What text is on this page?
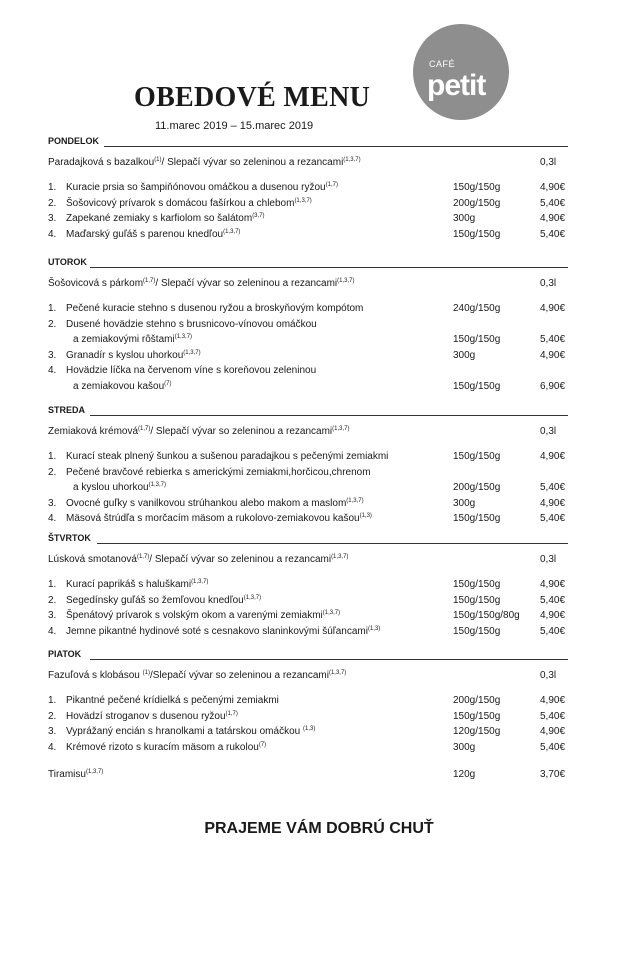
CAFÉ
petit
OBEDOVÉ MENU
11.marec 2019 – 15.marec 2019
PONDELOK
Paradajková s bazalkou$^{(1)}$/ Slepačí vývar so zeleninou a rezancami$^{(1,3,7)}$	0,3l
1. Kuracie prsia so šampiňónovou omáčkou a dusenou ryžou$^{(1,7)}$	150g/150g	4,90€
2. Šošovicový prívarok s domácou fašírkou a chlebom$^{(1,3,7)}$	200g/150g	5,40€
3. Zapekané zemiaky s karfiolom so šalátom$^{(3,7)}$	300g	4,90€
4. Maďarský guľáš s parenou knedľou$^{(1,3,7)}$	150g/150g	5,40€
UTOROK
Šošovicová s párkom$^{(1,7)}$/ Slepačí vývar so zeleninou a rezancami$^{(1,3,7)}$	0,3l
1. Pečené kuracie stehno s dusenou ryžou a broskyňovým kompótom	240g/150g	4,90€
2. Dusené hovädzie stehno s brusnicovo-vínovou omáčkou
a zemiakovými rôštami$^{(1,3,7)}$	150g/150g	5,40€
3. Granadír s kyslou uhorkou$^{(1,3,7)}$	300g	4,90€
4. Hovädzie líčka na červenom víne s koreňovou zeleninou
a zemiakovou kašou$^{(7)}$	150g/150g	6,90€
STREDA
Zemiaková krémová$^{(1,7)}$/ Slepačí vývar so zeleninou a rezancami$^{(1,3,7)}$	0,3l
1. Kurací steak plnený šunkou a sušenou paradajkou s pečenými zemiakmi	150g/150g	4,90€
2. Pečené bravčové rebierka s americkými zemiakmi,horčicou,chrenom
a kyslou uhorkou$^{(1,3,7)}$	200g/150g	5,40€
3. Ovocné guľky s vanilkovou strúhankou alebo makom a maslom$^{(1,3,7)}$	300g	4,90€
4. Mäsová štrúdľa s morčacím mäsom a rukolovo-zemiakovou kašou$^{(1,3)}$	150g/150g	5,40€
ŠTVRTOK
Lúsková smotanová$^{(1,7)}$/ Slepačí vývar so zeleninou a rezancami$^{(1,3,7)}$	0,3l
1. Kurací paprikáš s haluškami$^{(1,3,7)}$	150g/150g	4,90€
2. Segedínsky guľáš so žemľovou knedľou$^{(1,3,7)}$	150g/150g	5,40€
3. Špenátový prívarok s volským okom a varenými zemiakmi$^{(1,3,7)}$	150g/150g/80g 4,90€
4. Jemne pikantné hydinové soté s cesnakovo slaninkovými šúľancami$^{(1,3)}$	150g/150g	5,40€
PIATOK
Fazuľová s klobásou $^{(1)}$/Slepačí vývar so zeleninou a rezancami$^{(1,3,7)}$	0,3l
1. Pikantné pečené krídielká s pečenými zemiakmi	200g/150g	4,90€
2. Hovädzí stroganov s dusenou ryžou$^{(1,7)}$	150g/150g	5,40€
3. Vyprážaný encián s hranolkami a tatárskou omáčkou $^{(1,3)}$	120g/150g	4,90€
4. Krémové rizoto s kuracím mäsom a rukolou$^{(7)}$	300g	5,40€
Tiramisu$^{(1,3,7)}$	120g	3,70€
PRAJEME VÁM DOBRÚ CHUŤ
